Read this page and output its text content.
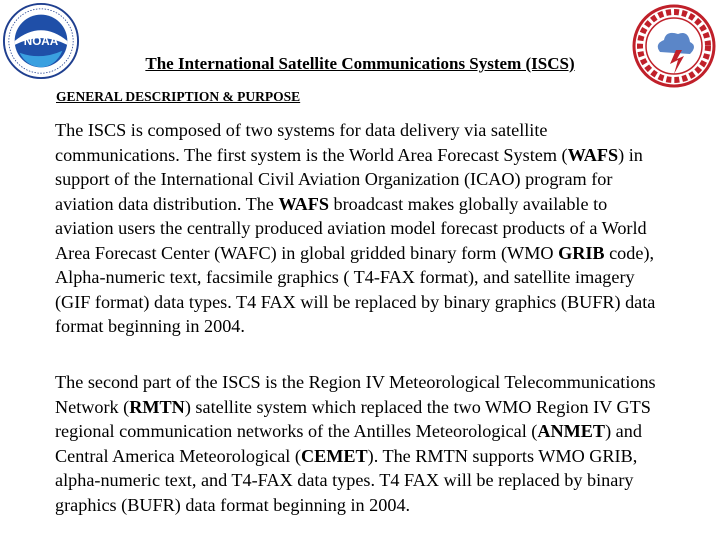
NOAA
The International Satellite Communications System (ISCS)
GENERAL DESCRIPTION & PURPOSE

The ISCS is composed of two systems for data delivery via satellite communications. The first system is the World Area Forecast System (WAFS) in support of the International Civil Aviation Organization (ICAO) program for aviation data distribution. The WAFS broadcast makes globally available to aviation users the centrally produced aviation model forecast products of a World Area Forecast Center (WAFC) in global gridded binary form (WMO GRIB code), Alpha-numeric text, facsimile graphics ( T4-FAX format), and satellite imagery (GIF format) data types. T4 FAX will be replaced by binary graphics (BUFR) data format beginning in 2004.

The second part of the ISCS is the Region IV Meteorological Telecommunications Network (RMTN) satellite system which replaced the two WMO Region IV GTS regional communication networks of the Antilles Meteorological (ANMET) and Central America Meteorological (CEMET). The RMTN supports WMO GRIB, alpha-numeric text, and T4-FAX data types. T4 FAX will be replaced by binary graphics (BUFR) data format beginning in 2004.
